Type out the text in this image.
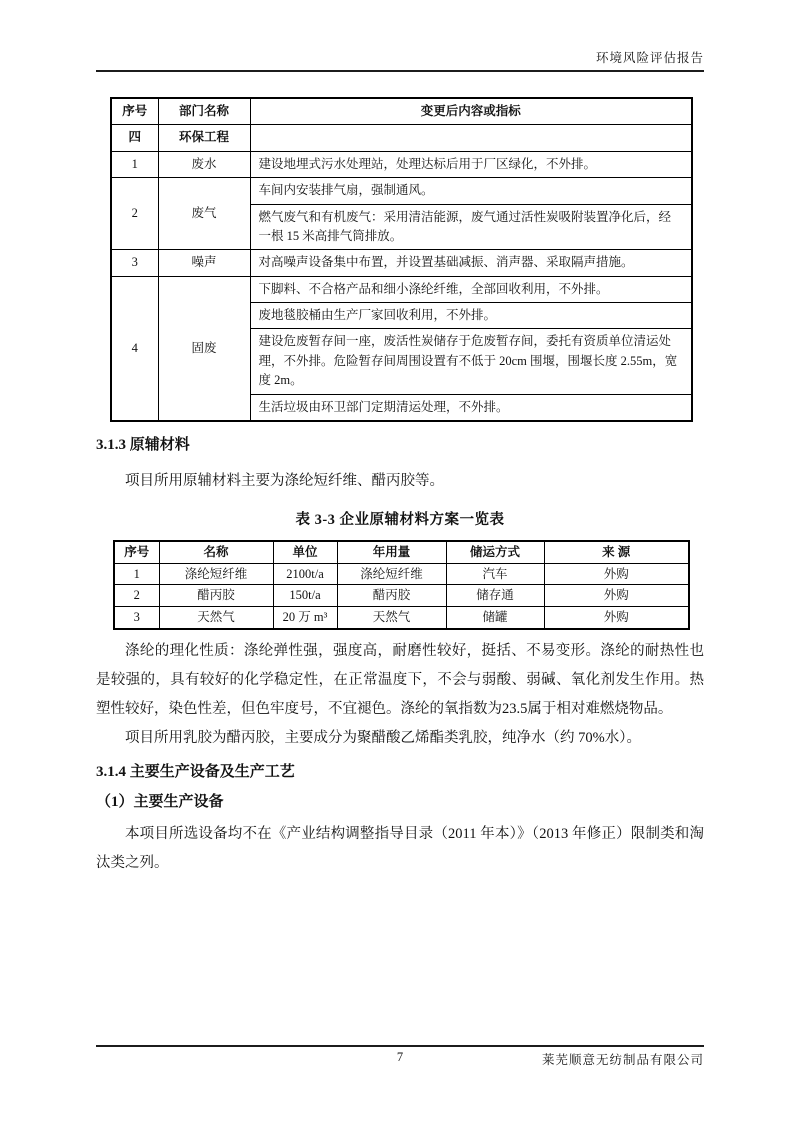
环境风险评估报告
序号	部门名称	变更后内容或指标
四	环保工程	
1	废水	建设地埋式污水处理站，处理达标后用于厂区绿化，不外排。
2	废气	车间内安装排气扇，强制通风。
		燃气废气和有机废气：采用清洁能源，废气通过活性炭吸附装置净化后，经一根 15 米高排气筒排放。
3	噪声	对高噪声设备集中布置，并设置基础减振、消声器、采取隔声措施。
4	固废	下脚料、不合格产品和细小涤纶纤维，全部回收利用，不外排。
		废地毯胶桶由生产厂家回收利用，不外排。
		建设危废暂存间一座，废活性炭储存于危废暂存间，委托有资质单位清运处理，不外排。危险暂存间周围设置有不低于 20cm 围堰，围堰长度 2.55m，宽度 2m。
		生活垃圾由环卫部门定期清运处理，不外排。
3.1.3 原辅材料
项目所用原辅材料主要为涤纶短纤维、醋丙胶等。
表 3-3 企业原辅材料方案一览表
序号	名称	单位	年用量	储运方式	来 源
1	涤纶短纤维	2100t/a	涤纶短纤维	汽车	外购
2	醋丙胶	150t/a	醋丙胶	储存通	外购
3	天然气	20 万 m³	天然气	储罐	外购
涤纶的理化性质：涤纶弹性强，强度高，耐磨性较好，挺括、不易变形。涤纶的耐热性也是较强的，具有较好的化学稳定性，在正常温度下，不会与弱酸、弱碱、氧化剂发生作用。热塑性较好，染色性差，但色牢度号，不宜褪色。涤纶的氧指数为23.5属于相对难燃烧物品。
项目所用乳胶为醋丙胶，主要成分为聚醋酸乙烯酯类乳胶，纯净水（约 70%水）。
3.1.4 主要生产设备及生产工艺
（1）主要生产设备
本项目所选设备均不在《产业结构调整指导目录（2011 年本）》（2013 年修正）限制类和淘汰类之列。
7	莱芜顺意无纺制品有限公司
